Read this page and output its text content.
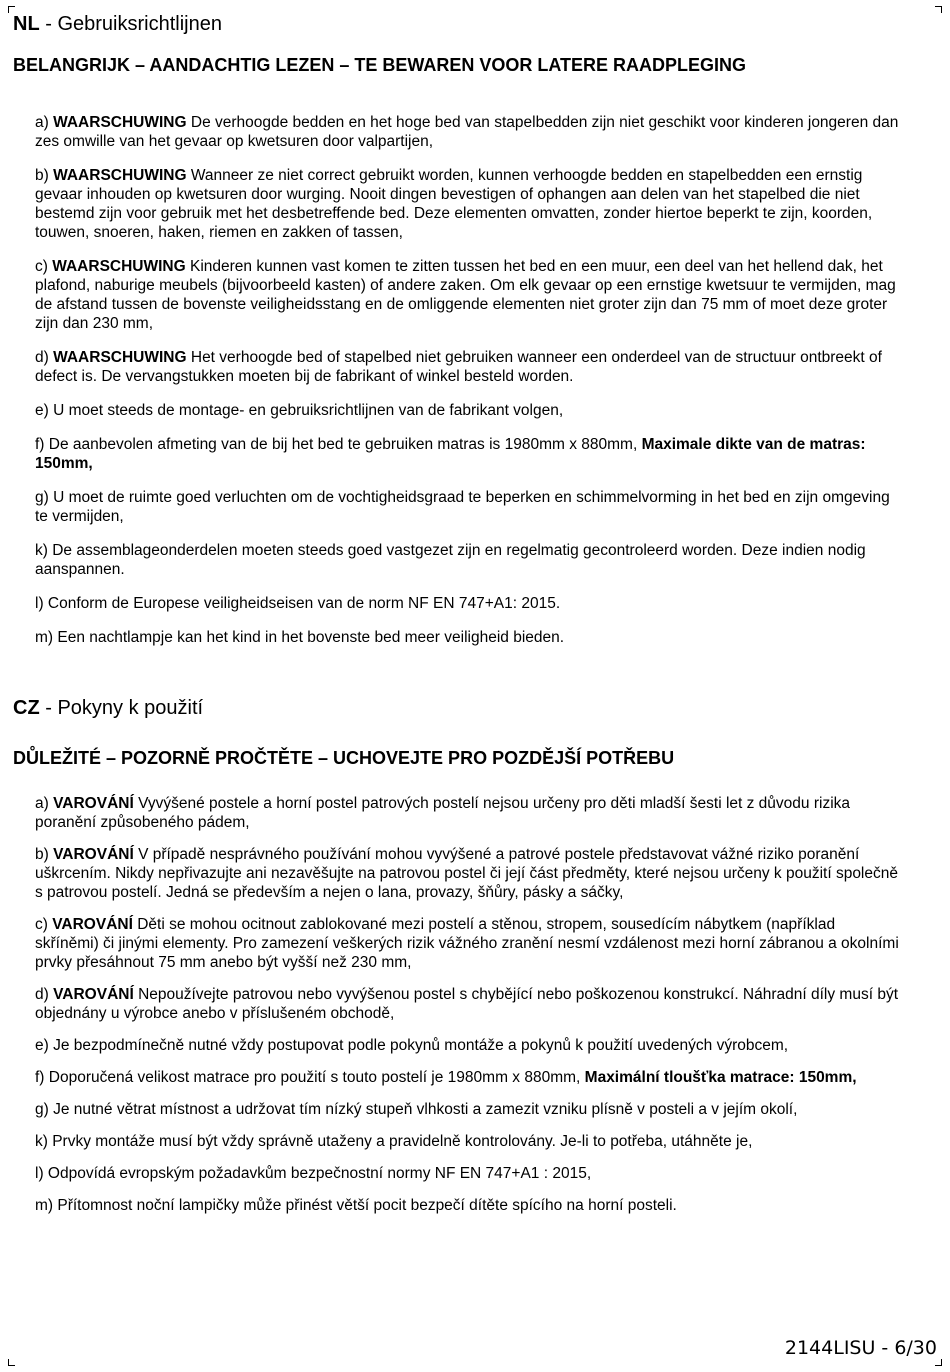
NL - Gebruiksrichtlijnen
BELANGRIJK – AANDACHTIG LEZEN – TE BEWAREN VOOR LATERE RAADPLEGING

a) WAARSCHUWING De verhoogde bedden en het hoge bed van stapelbedden zijn niet geschikt voor kinderen jongeren dan zes omwille van het gevaar op kwetsuren door valpartijen,

b) WAARSCHUWING Wanneer ze niet correct gebruikt worden, kunnen verhoogde bedden en stapelbedden een ernstig gevaar inhouden op kwetsuren door wurging. Nooit dingen bevestigen of ophangen aan delen van het stapelbed die niet bestemd zijn voor gebruik met het desbetreffende bed. Deze elementen omvatten, zonder hiertoe beperkt te zijn, koorden, touwen, snoeren, haken, riemen en zakken of tassen,

c) WAARSCHUWING Kinderen kunnen vast komen te zitten tussen het bed en een muur, een deel van het hellend dak, het plafond, naburige meubels (bijvoorbeeld kasten) of andere zaken. Om elk gevaar op een ernstige kwetsuur te vermijden, mag de afstand tussen de bovenste veiligheidsstang en de omliggende elementen niet groter zijn dan 75 mm of moet deze groter zijn dan 230 mm,

d) WAARSCHUWING Het verhoogde bed of stapelbed niet gebruiken wanneer een onderdeel van de structuur ontbreekt of defect is. De vervangstukken moeten bij de fabrikant of winkel besteld worden.

e) U moet steeds de montage- en gebruiksrichtlijnen van de fabrikant volgen,

f) De aanbevolen afmeting van de bij het bed te gebruiken matras is 1980mm x 880mm, Maximale dikte van de matras: 150mm,

g) U moet de ruimte goed verluchten om de vochtigheidsgraad te beperken en schimmelvorming in het bed en zijn omgeving te vermijden,

k) De assemblageonderdelen moeten steeds goed vastgezet zijn en regelmatig gecontroleerd worden. Deze indien nodig aanspannen.

l) Conform de Europese veiligheidseisen van de norm NF EN 747+A1: 2015.

m) Een nachtlampje kan het kind in het bovenste bed meer veiligheid bieden.

CZ - Pokyny k použití
DŮLEŽITÉ – POZORNĚ PROČTĚTE – UCHOVEJTE PRO POZDĚJŠÍ POTŘEBU

a) VAROVÁNÍ Vyvýšené postele a horní postel patrových postelí nejsou určeny pro děti mladší šesti let z důvodu rizika poranění způsobeného pádem,

b) VAROVÁNÍ V případě nesprávného používání mohou vyvýšené a patrové postele představovat vážné riziko poranění uškrcením. Nikdy nepřivazujte ani nezavěšujte na patrovou postel či její část předměty, které nejsou určeny k použití společně s patrovou postelí. Jedná se především a nejen o lana, provazy, šňůry, pásky a sáčky,

c) VAROVÁNÍ Děti se mohou ocitnout zablokované mezi postelí a stěnou, stropem, sousedícím nábytkem (například skříněmi) či jinými elementy. Pro zamezení veškerých rizik vážného zranění nesmí vzdálenost mezi horní zábranou a okolními prvky přesáhnout 75 mm anebo být vyšší než 230 mm,

d) VAROVÁNÍ Nepoužívejte patrovou nebo vyvýšenou postel s chybějící nebo poškozenou konstrukcí. Náhradní díly musí být objednány u výrobce anebo v příslušeném obchodě,

e) Je bezpodmínečně nutné vždy postupovat podle pokynů montáže a pokynů k použití uvedených výrobcem,

f) Doporučená velikost matrace pro použití s touto postelí je 1980mm x 880mm, Maximální tloušťka matrace: 150mm,

g) Je nutné větrat místnost a udržovat tím nízký stupeň vlhkosti a zamezit vzniku plísně v posteli a v jejím okolí,

k) Prvky montáže musí být vždy správně utaženy a pravidelně kontrolovány. Je-li to potřeba, utáhněte je,

l) Odpovídá evropským požadavkům bezpečnostní normy NF EN 747+A1 : 2015,

m) Přítomnost noční lampičky může přinést větší pocit bezpečí dítěte spícího na horní posteli.

2144LISU - 6/30
